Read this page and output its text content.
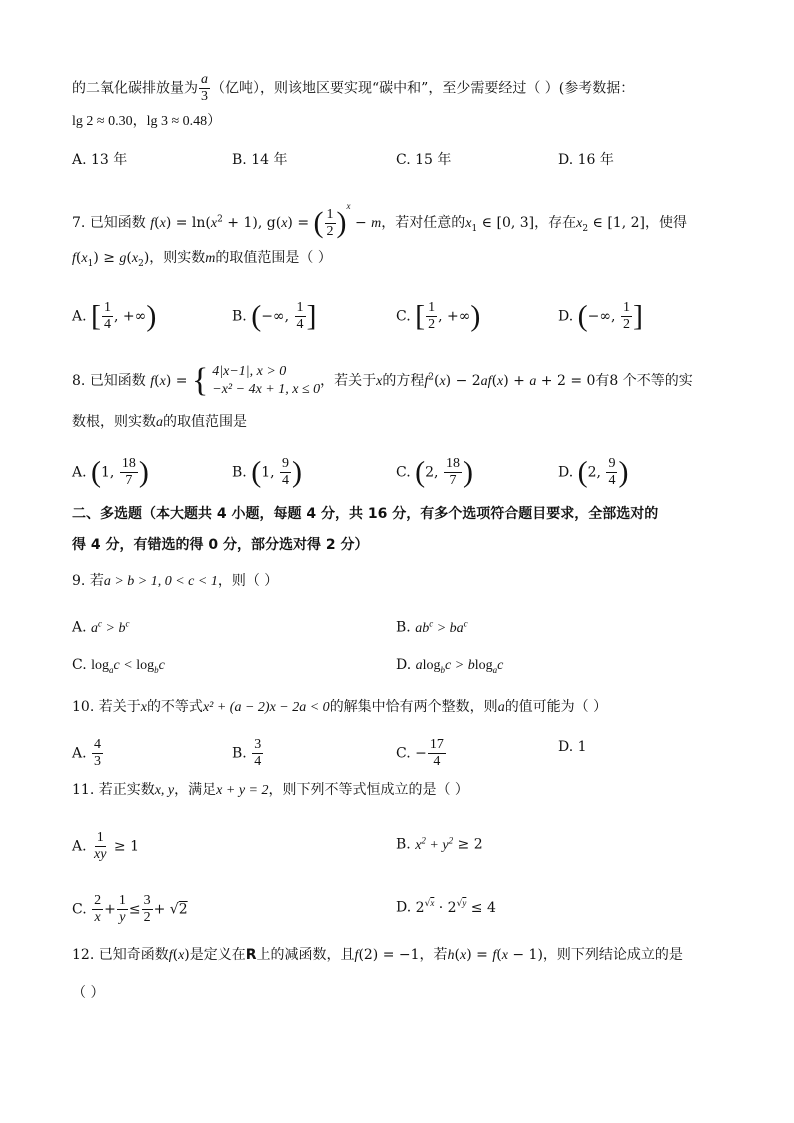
的二氧化碳排放量为 $\frac{a}{3}$ （亿吨），则该地区要实现“碳中和”，至少需要经过（ ）(参考数据：
lg 2 ≈ 0.30，lg 3 ≈ 0.48）
A. 13 年	B. 14 年	C. 15 年	D. 16 年
7. 已知函数 $f(x) = \ln(x^2 + 1)$, g(x) = ( $\frac{1}{2} )^x - m$，若对任意的$x_1$ ∈ [0, 3]，存在$x_2$ ∈ [1, 2]，使得
$f(x_1) \ge g(x_2)$，则实数m的取值范围是（ ）
A. [ $\frac{1}{4}$ , +∞)	B. (−∞, $\frac{1}{4}$ ]	C. [ $\frac{1}{2}$ , +∞)	D. (−∞, $\frac{1}{2}$ ]
8. 已知函数 f(x) = { 4|x−1|, x > 0
−x² − 4x + 1, x ≤ 0
，若关于x的方程$f^2(x) - 2af(x) + a + 2 = 0$有8 个不等的实
数根，则实数a的取值范围是
A. (1, $\frac{18}{7}$ )	B. (1, $\frac{9}{4}$ )	C. (2, $\frac{18}{7}$ )	D. (2, $\frac{9}{4}$ )
二、多选题（本大题共 4 小题，每题 4 分，共 16 分，有多个选项符合题目要求，全部选对的
得 4 分，有错选的得 0 分，部分选对得 2 分）
9. 若a > b > 1, 0 < c < 1，则（ ）
A. $a^c > b^c$	B. $ab^c > ba^c$
C. $\log_ac < \log_bc$	D. alog$_b$c > blog$_a$c
10. 若关于x的不等式x² + (a − 2)x − 2a < 0的解集中恰有两个整数，则a的值可能为（ ）
A. $\frac{4}{3}$	B. $\frac{3}{4}$	C. − $\frac{17}{4}$	D. 1
11. 若正实数x, y，满足x + y = 2，则下列不等式恒成立的是（ ）
A. $\frac{1}{xy} \ge 1$	B. $x^2 + y^2 \ge 2$
C. $\frac{2}{x} + \frac{1}{y} \le \frac{3}{2} + √2$	D. $2^{√x} \cdot 2^{√y} \le 4$
12. 已知奇函数f(x)是定义在R上的减函数，且f(2) = −1，若h(x) = f(x − 1)，则下列结论成立的是
（ ）
